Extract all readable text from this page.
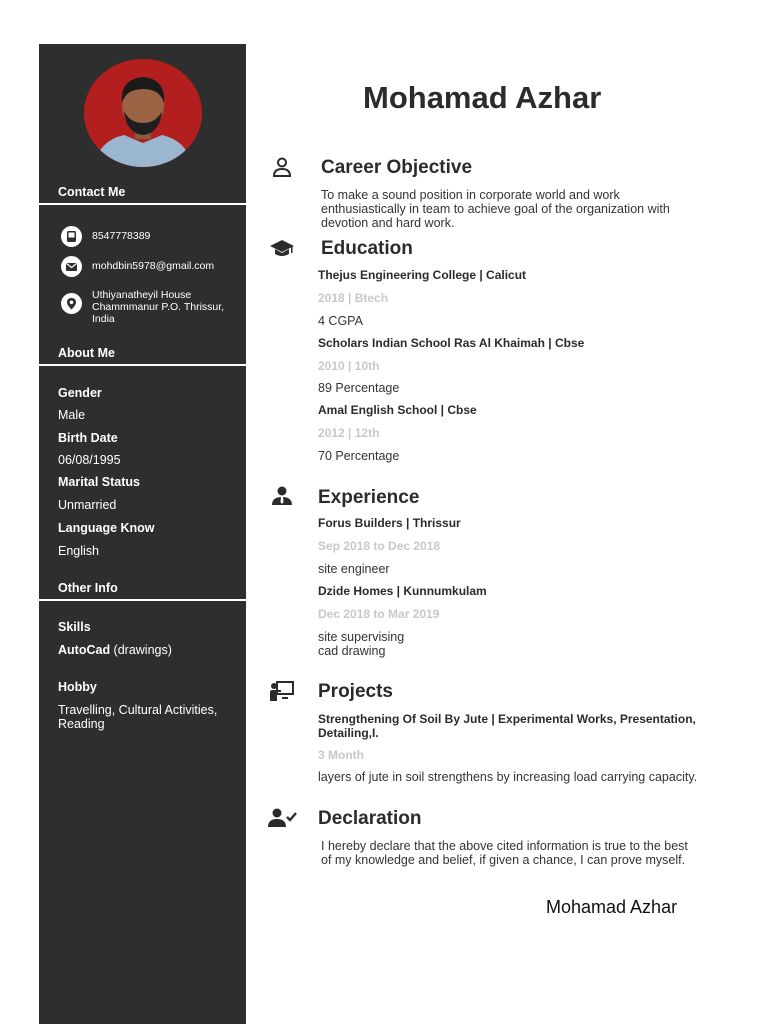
Contact Me
8547778389
mohdbin5978@gmail.com
Uthiyanatheyil House
Chammmanur P.O. Thrissur,
India
About Me
Gender
Male
Birth Date
06/08/1995
Marital Status
Unmarried
Language Know
English
Other Info
Skills
AutoCad (drawings)
Hobby
Travelling, Cultural Activities,
Reading
Mohamad Azhar
Career Objective
To make a sound position in corporate world and work
enthusiastically in team to achieve goal of the organization with
devotion and hard work.
Education
Thejus Engineering College | Calicut
2018 | Btech
4 CGPA
Scholars Indian School Ras Al Khaimah | Cbse
2010 | 10th
89 Percentage
Amal English School | Cbse
2012 | 12th
70 Percentage
Experience
Forus Builders | Thrissur
Sep 2018 to Dec 2018
site engineer
Dzide Homes | Kunnumkulam
Dec 2018 to Mar 2019
site supervising
cad drawing
Projects
Strengthening Of Soil By Jute | Experimental Works, Presentation,
Detailing,I.
3 Month
layers of jute in soil strengthens by increasing load carrying capacity.
Declaration
I hereby declare that the above cited information is true to the best
of my knowledge and belief, if given a chance, I can prove myself.
Mohamad Azhar
